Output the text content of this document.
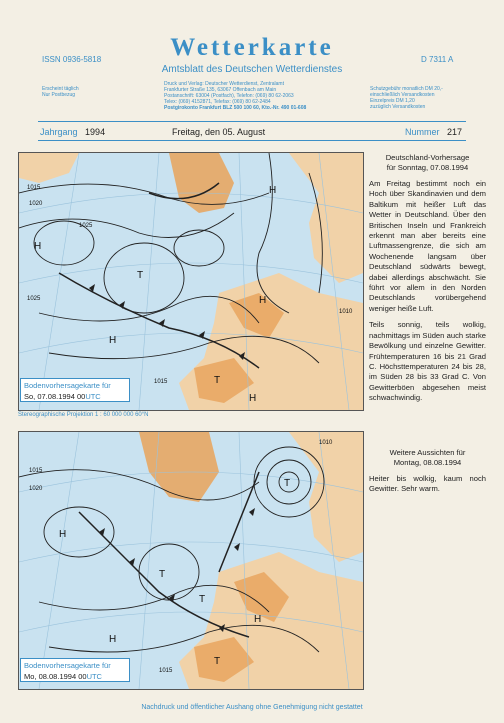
ISSN 0936-5818	Wetterkarte
Amtsblatt des Deutschen Wetterdienstes
D 7311 A
Erscheint täglich
Nur Postbezug
Druck und Verlag: Deutscher Wetterdienst, Zentralamt
Frankfurter Straße 135, 63067 Offenbach am Main
Postanschrift: 63004 (Postfach), Telefon: (069) 80 62-2063
Telex: (069) 4152871, Telefax: (069) 80 62-2484
Postgirokonto Frankfurt BLZ 500 100 60, Kto.-Nr. 490 01-608
Schutzgebühr monatlich DM 20,-
einschließlich Versandkosten
Einzelpreis DM 1,20
zuzüglich Versandkosten
Jahrgang 1994	Freitag, den 05. August	Nummer 217
H
H
T
H
T
H
H
1015
1020
1025
1025
1010
1015
Bodenvorhersagekarte für
So, 07.08.1994 00UTC
Stereographische Projektion 1 : 60 000 000 60°N
H
T
T
T
H
T
H
1015
1020
1010
1015
Bodenvorhersagekarte für
Mo, 08.08.1994 00UTC
Deutschland-Vorhersage
für Sonntag, 07.08.1994

Am Freitag bestimmt noch ein Hoch über Skandinavien und dem Baltikum mit heißer Luft das Wetter in Deutschland. Über den Britischen Inseln und Frankreich erkennt man aber bereits eine Luftmassengrenze, die sich am Wochenende langsam über Deutschland südwärts bewegt, dabei allerdings abschwächt. Sie führt vor allem in den Norden Deutschlands vorübergehend weniger heiße Luft.

Teils sonnig, teils wolkig, nachmittags im Süden auch starke Bewölkung und einzelne Gewitter. Frühtemperaturen 16 bis 21 Grad C. Höchsttemperaturen 24 bis 28, im Süden 28 bis 33 Grad C. Von Gewitterböen abgesehen meist schwachwindig.

Weitere Aussichten für
Montag, 08.08.1994

Heiter bis wolkig, kaum noch Gewitter. Sehr warm.

Nachdruck und öffentlicher Aushang ohne Genehmigung nicht gestattet
